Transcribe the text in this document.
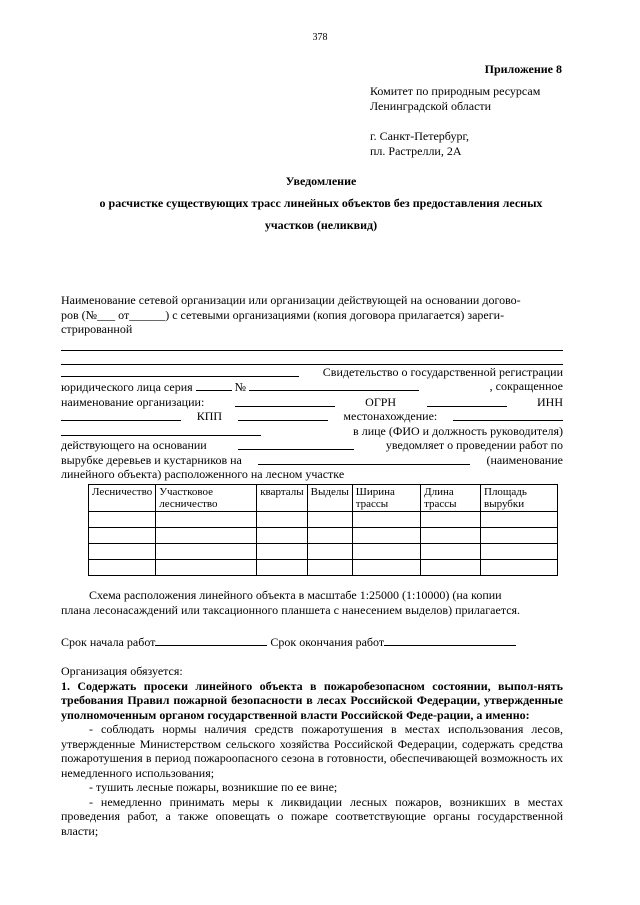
378
Приложение 8
Комитет по природным ресурсам
Ленинградской области
г. Санкт-Петербург,
пл. Растрелли, 2А
Уведомление
о расчистке существующих трасс линейных объектов без предоставления лесных
участков (неликвид)

Наименование сетевой организации или организации действующей на основании догово-

ров (№___ от______) с сетевыми организациями (копия договора прилагается) зареги-

стрированной

Свидетельство о государственной регистрации

юридического лица серия	№	, сокращенное

наименование организации:	ОГРН	ИНН

КПП	местонахождение:

в лице (ФИО и должность руководителя)

действующего на основании	уведомляет о проведении работ по

вырубке деревьев и кустарников на	(наименование

линейного объекта) расположенного на лесном участке

Лесничество	Участковое лесничество	кварталы	Выделы	Ширина трассы	Длина трассы	Площадь вырубки

Схема расположения линейного объекта в масштабе 1:25000 (1:10000) (на копии

плана лесонасаждений или таксационного планшета с нанесением выделов) прилагается.

Срок начала работ	Срок окончания работ

Организация обязуется:

1. Содержать просеки линейного объекта в пожаробезопасном состоянии, выпол-нять требования Правил пожарной безопасности в лесах Российской Федерации, утвержденные уполномоченным органом государственной власти Российской Феде-рации, а именно:

- соблюдать нормы наличия средств пожаротушения в местах использования лесов, утвержденные Министерством сельского хозяйства Российской Федерации, содержать средства пожаротушения в период пожароопасного сезона в готовности, обеспечивающей возможность их немедленного использования;

- тушить лесные пожары, возникшие по ее вине;

- немедленно принимать меры к ликвидации лесных пожаров, возникших в местах проведения работ, а также оповещать о пожаре соответствующие органы государственной власти;
